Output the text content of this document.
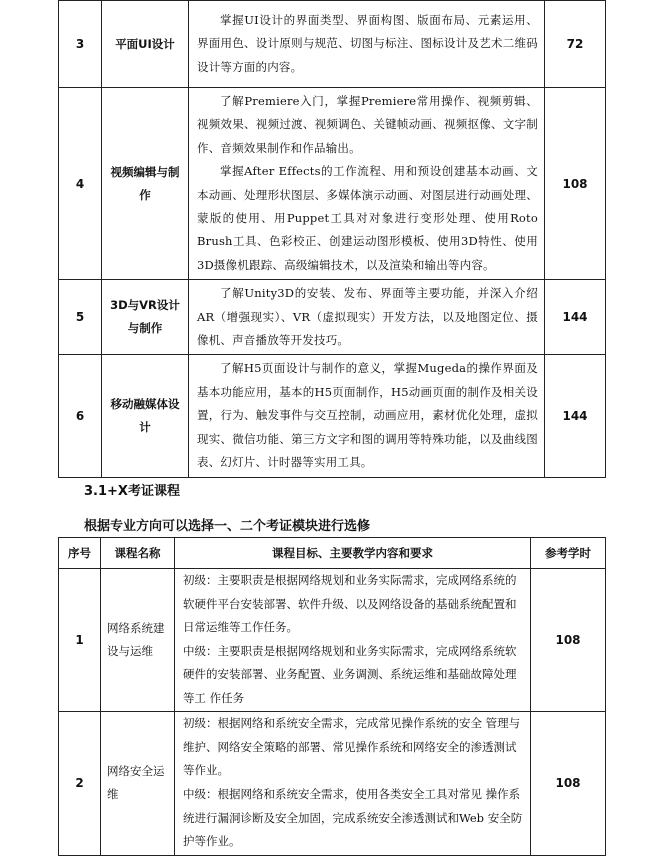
3	平面UI设计	掌握UI设计的界面类型、界面构图、版面布局、元素运用、界面用色、设计原则与规范、切图与标注、图标设计及艺术二维码设计等方面的内容。	72
4	视频编辑与制作	了解Premiere入门，掌握Premiere常用操作、视频剪辑、视频效果、视频过渡、视频调色、关键帧动画、视频抠像、文字制作、音频效果制作和作品输出。

掌握After Effects的工作流程、用和预设创建基本动画、文本动画、处理形状图层、多媒体演示动画、对图层进行动画处理、蒙版的使用、用Puppet工具对对象进行变形处理、使用Roto Brush工具、色彩校正、创建运动图形模板、使用3D特性、使用3D摄像机跟踪、高级编辑技术，以及渲染和输出等内容。	108
5	3D与VR设计与制作	了解Unity3D的安装、发布、界面等主要功能，并深入介绍AR（增强现实）、VR（虚拟现实）开发方法，以及地图定位、摄像机、声音播放等开发技巧。	144
6	移动融媒体设计	了解H5页面设计与制作的意义，掌握Mugeda的操作界面及基本功能应用，基本的H5页面制作，H5动画页面的制作及相关设置，行为、触发事件与交互控制，动画应用，素材优化处理，虚拟现实、微信功能、第三方文字和图的调用等特殊功能，以及曲线图表、幻灯片、计时器等实用工具。	144
3.1+X考证课程
根据专业方向可以选择一、二个考证模块进行选修
序号	课程名称	课程目标、主要教学内容和要求	参考学时
1	网络系统建设与运维	初级：主要职责是根据网络规划和业务实际需求，完成网络系统的软硬件平台安装部署、软件升级、以及网络设备的基础系统配置和日常运维等工作任务。

中级：主要职责是根据网络规划和业务实际需求，完成网络系统软硬件的安装部署、业务配置、业务调测、系统运维和基础故障处理等工 作任务	108
2	网络安全运维	初级：根据网络和系统安全需求，完成常见操作系统的安全 管理与维护、网络安全策略的部署、常见操作系统和网络安全的渗透测试等作业。

中级：根据网络和系统安全需求，使用各类安全工具对常见 操作系统进行漏洞诊断及安全加固，完成系统安全渗透测试和Web 安全防护等作业。	108
